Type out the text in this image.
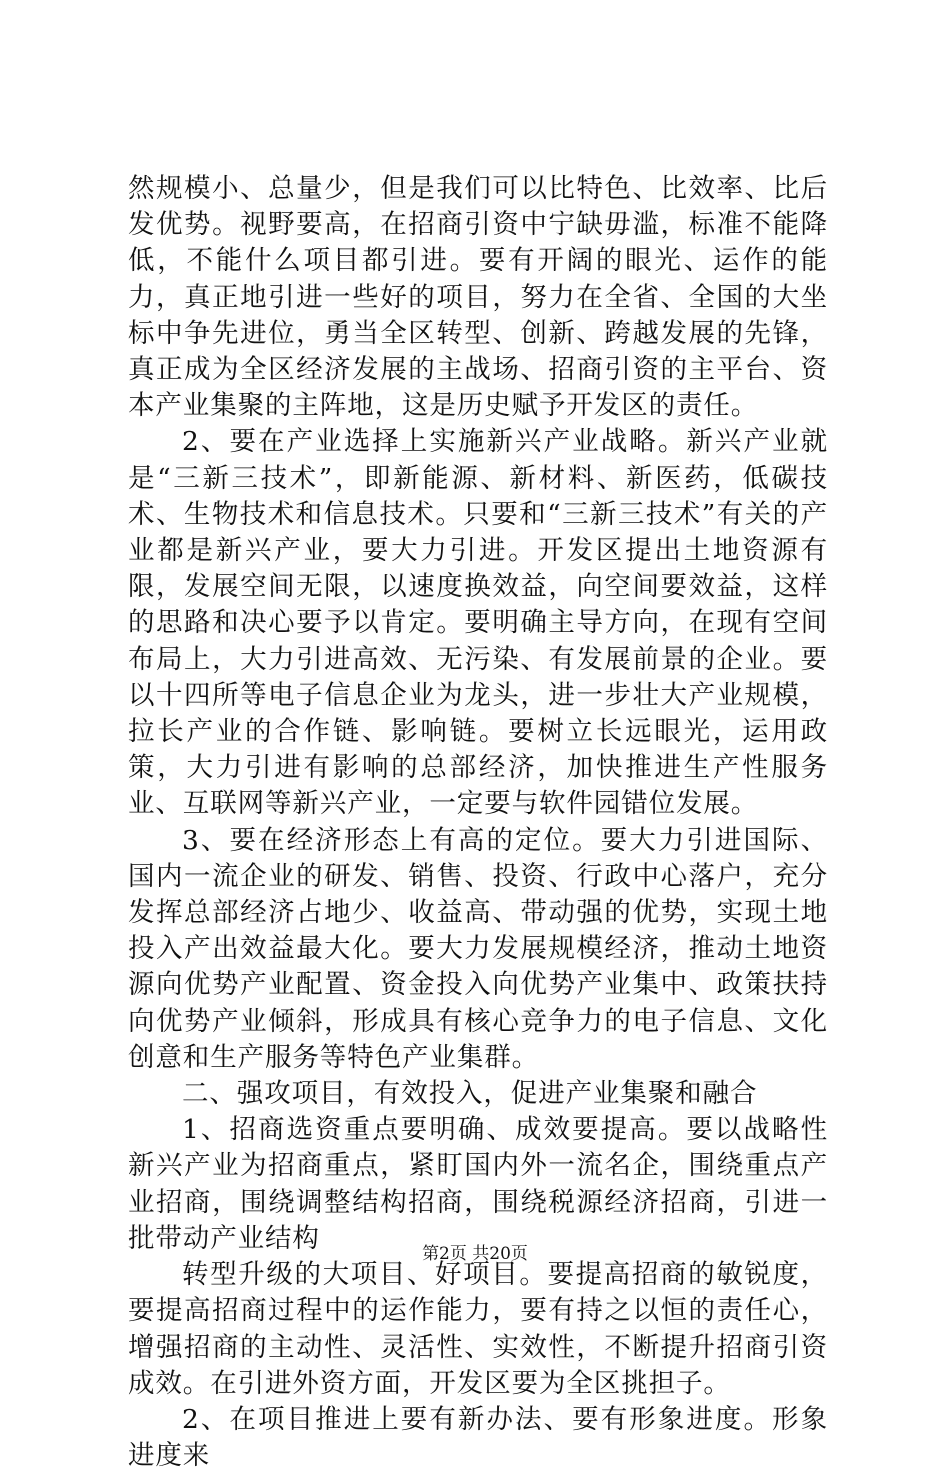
然规模小、总量少，但是我们可以比特色、比效率、比后发优势。视野要高，在招商引资中宁缺毋滥，标准不能降低，不能什么项目都引进。要有开阔的眼光、运作的能力，真正地引进一些好的项目，努力在全省、全国的大坐标中争先进位，勇当全区转型、创新、跨越发展的先锋，真正成为全区经济发展的主战场、招商引资的主平台、资本产业集聚的主阵地，这是历史赋予开发区的责任。

2、要在产业选择上实施新兴产业战略。新兴产业就是“三新三技术”，即新能源、新材料、新医药，低碳技术、生物技术和信息技术。只要和“三新三技术”有关的产业都是新兴产业，要大力引进。开发区提出土地资源有限，发展空间无限，以速度换效益，向空间要效益，这样的思路和决心要予以肯定。要明确主导方向，在现有空间布局上，大力引进高效、无污染、有发展前景的企业。要以十四所等电子信息企业为龙头，进一步壮大产业规模，拉长产业的合作链、影响链。要树立长远眼光，运用政策，大力引进有影响的总部经济，加快推进生产性服务业、互联网等新兴产业，一定要与软件园错位发展。

3、要在经济形态上有高的定位。要大力引进国际、国内一流企业的研发、销售、投资、行政中心落户，充分发挥总部经济占地少、收益高、带动强的优势，实现土地投入产出效益最大化。要大力发展规模经济，推动土地资源向优势产业配置、资金投入向优势产业集中、政策扶持向优势产业倾斜，形成具有核心竞争力的电子信息、文化创意和生产服务等特色产业集群。

二、强攻项目，有效投入，促进产业集聚和融合

1、招商选资重点要明确、成效要提高。要以战略性新兴产业为招商重点，紧盯国内外一流名企，围绕重点产业招商，围绕调整结构招商，围绕税源经济招商，引进一批带动产业结构

转型升级的大项目、好项目。要提高招商的敏锐度，要提高招商过程中的运作能力，要有持之以恒的责任心，增强招商的主动性、灵活性、实效性，不断提升招商引资成效。在引进外资方面，开发区要为全区挑担子。

2、在项目推进上要有新办法、要有形象进度。形象进度来

第2页 共20页
